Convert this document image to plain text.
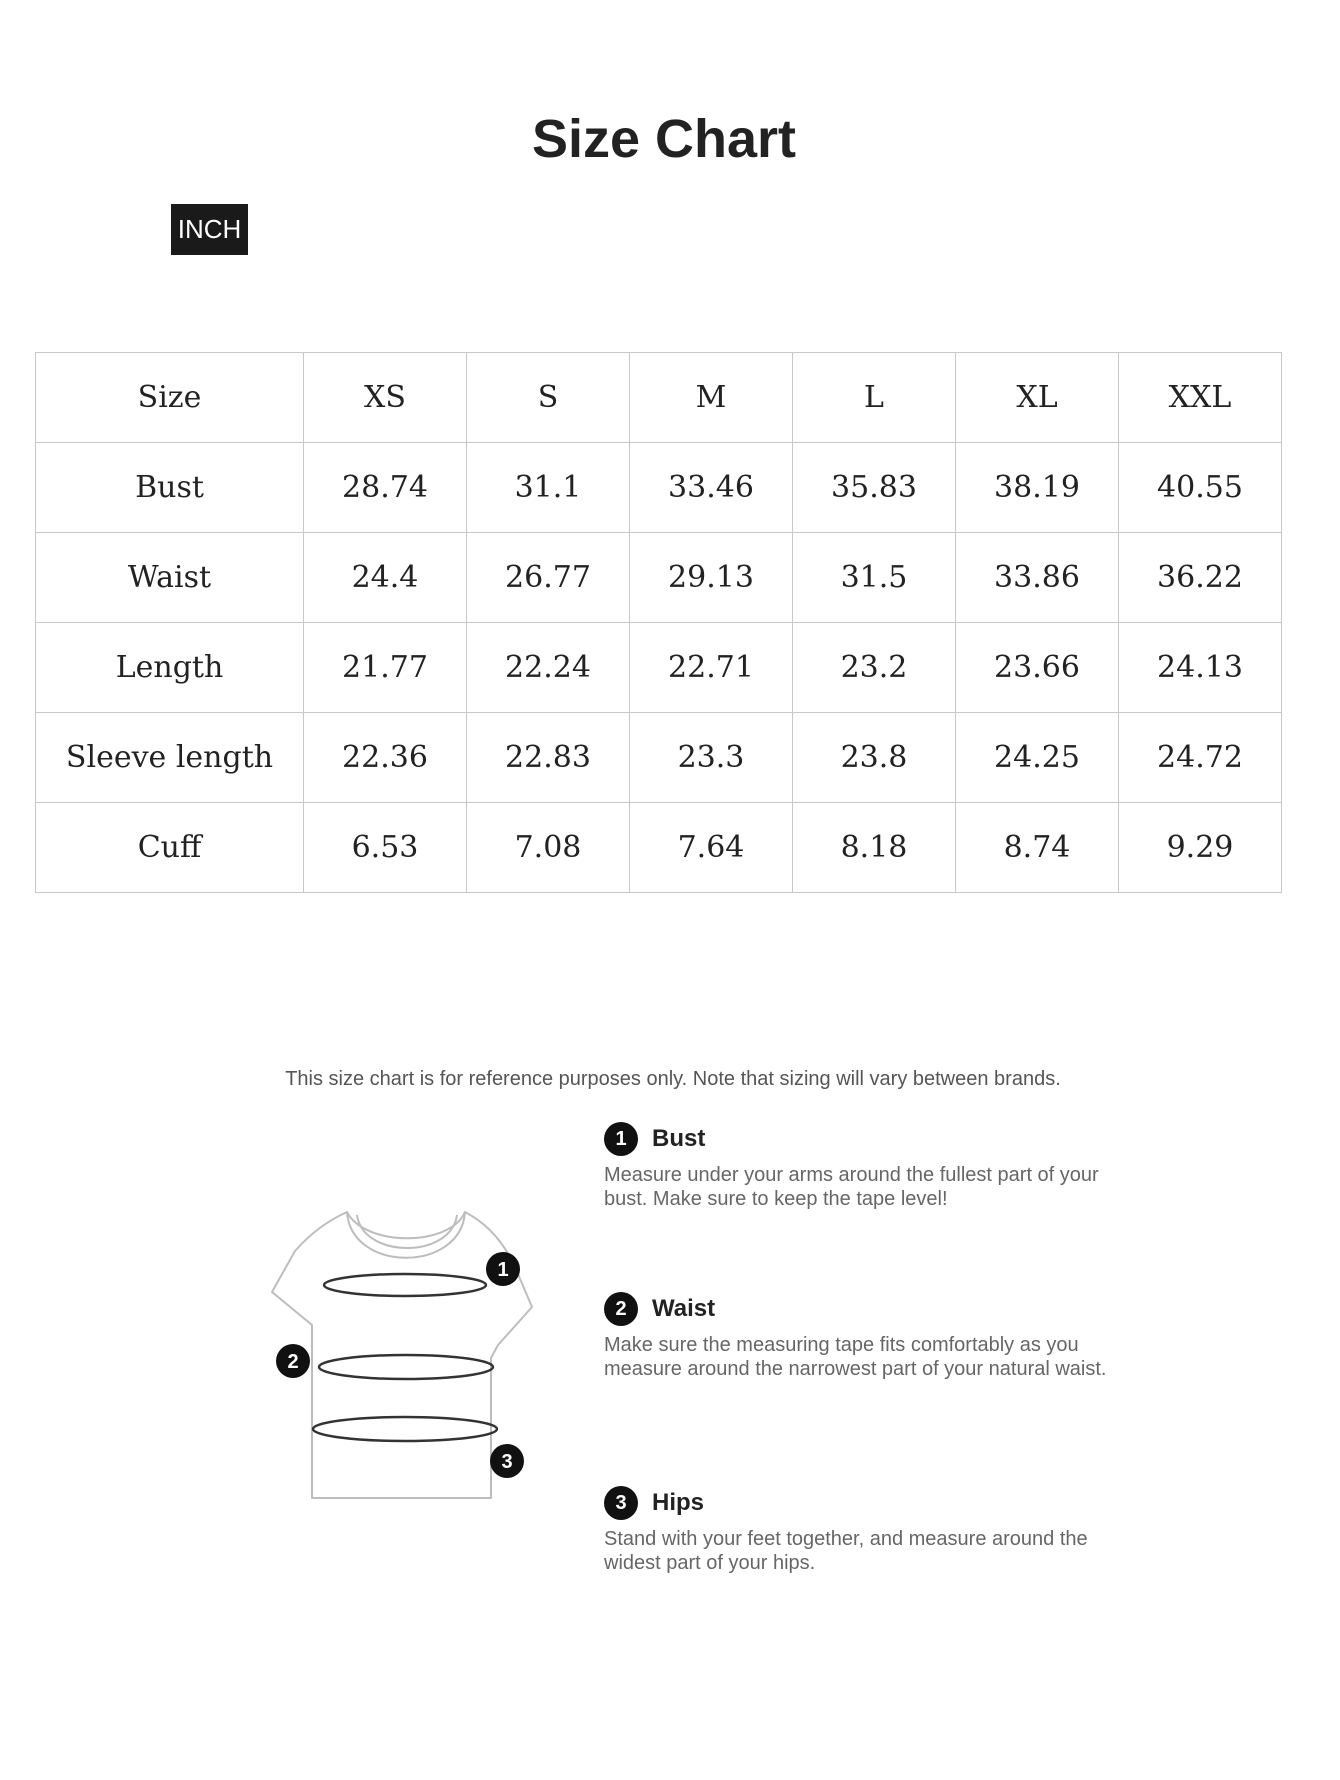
Size Chart
INCH
Size	XS	S	M	L	XL	XXL
Bust	28.74	31.1	33.46	35.83	38.19	40.55
Waist	24.4	26.77	29.13	31.5	33.86	36.22
Length	21.77	22.24	22.71	23.2	23.66	24.13
Sleeve length	22.36	22.83	23.3	23.8	24.25	24.72
Cuff	6.53	7.08	7.64	8.18	8.74	9.29
This size chart is for reference purposes only. Note that sizing will vary between brands.
1
2
3
1	Bust
Measure under your arms around the fullest part of your bust. Make sure to keep the tape level!
2	Waist
Make sure the measuring tape fits comfortably as you measure around the narrowest part of your natural waist.
3	Hips
Stand with your feet together, and measure around the widest part of your hips.
